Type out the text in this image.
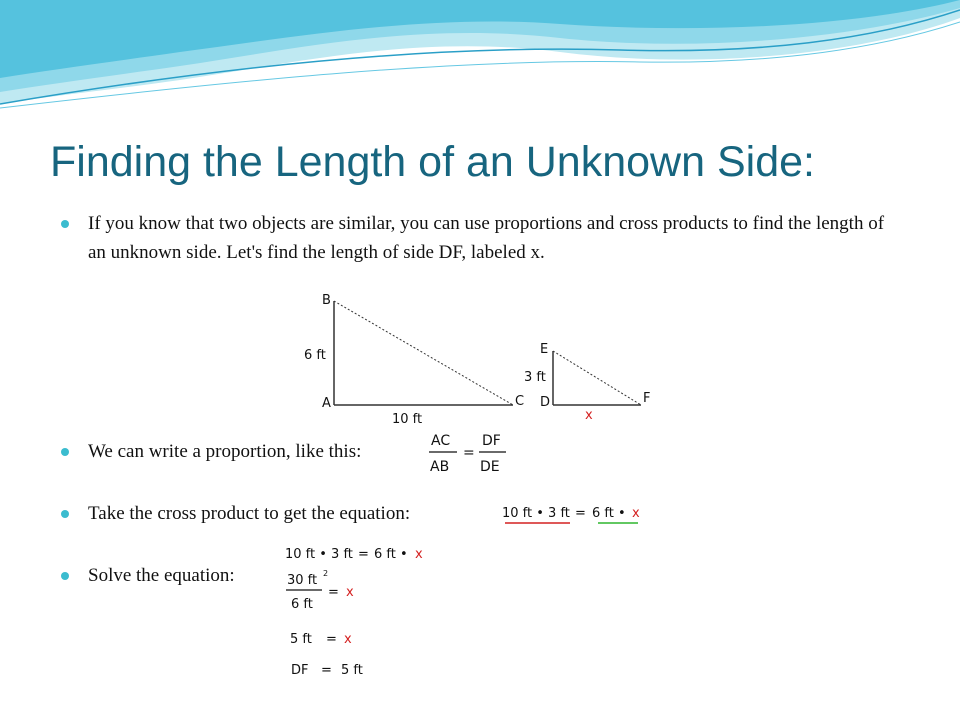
Finding the Length of an Unknown Side:
If you know that two objects are similar, you can use proportions and cross products to find the length of an unknown side. Let's find the length of side DF, labeled x.
B
6 ft
A
10 ft
C
E
3 ft
D	F
x
We can write a proportion, like this:	AC
AB
=
DF
DE
Take the cross product to get the equation:	10 ft • 3 ft = 6 ft • x
Solve the equation:
10 ft • 3 ft = 6 ft • x
30 ft 2
6 ft
= x
5 ft = x
DF = 5 ft
